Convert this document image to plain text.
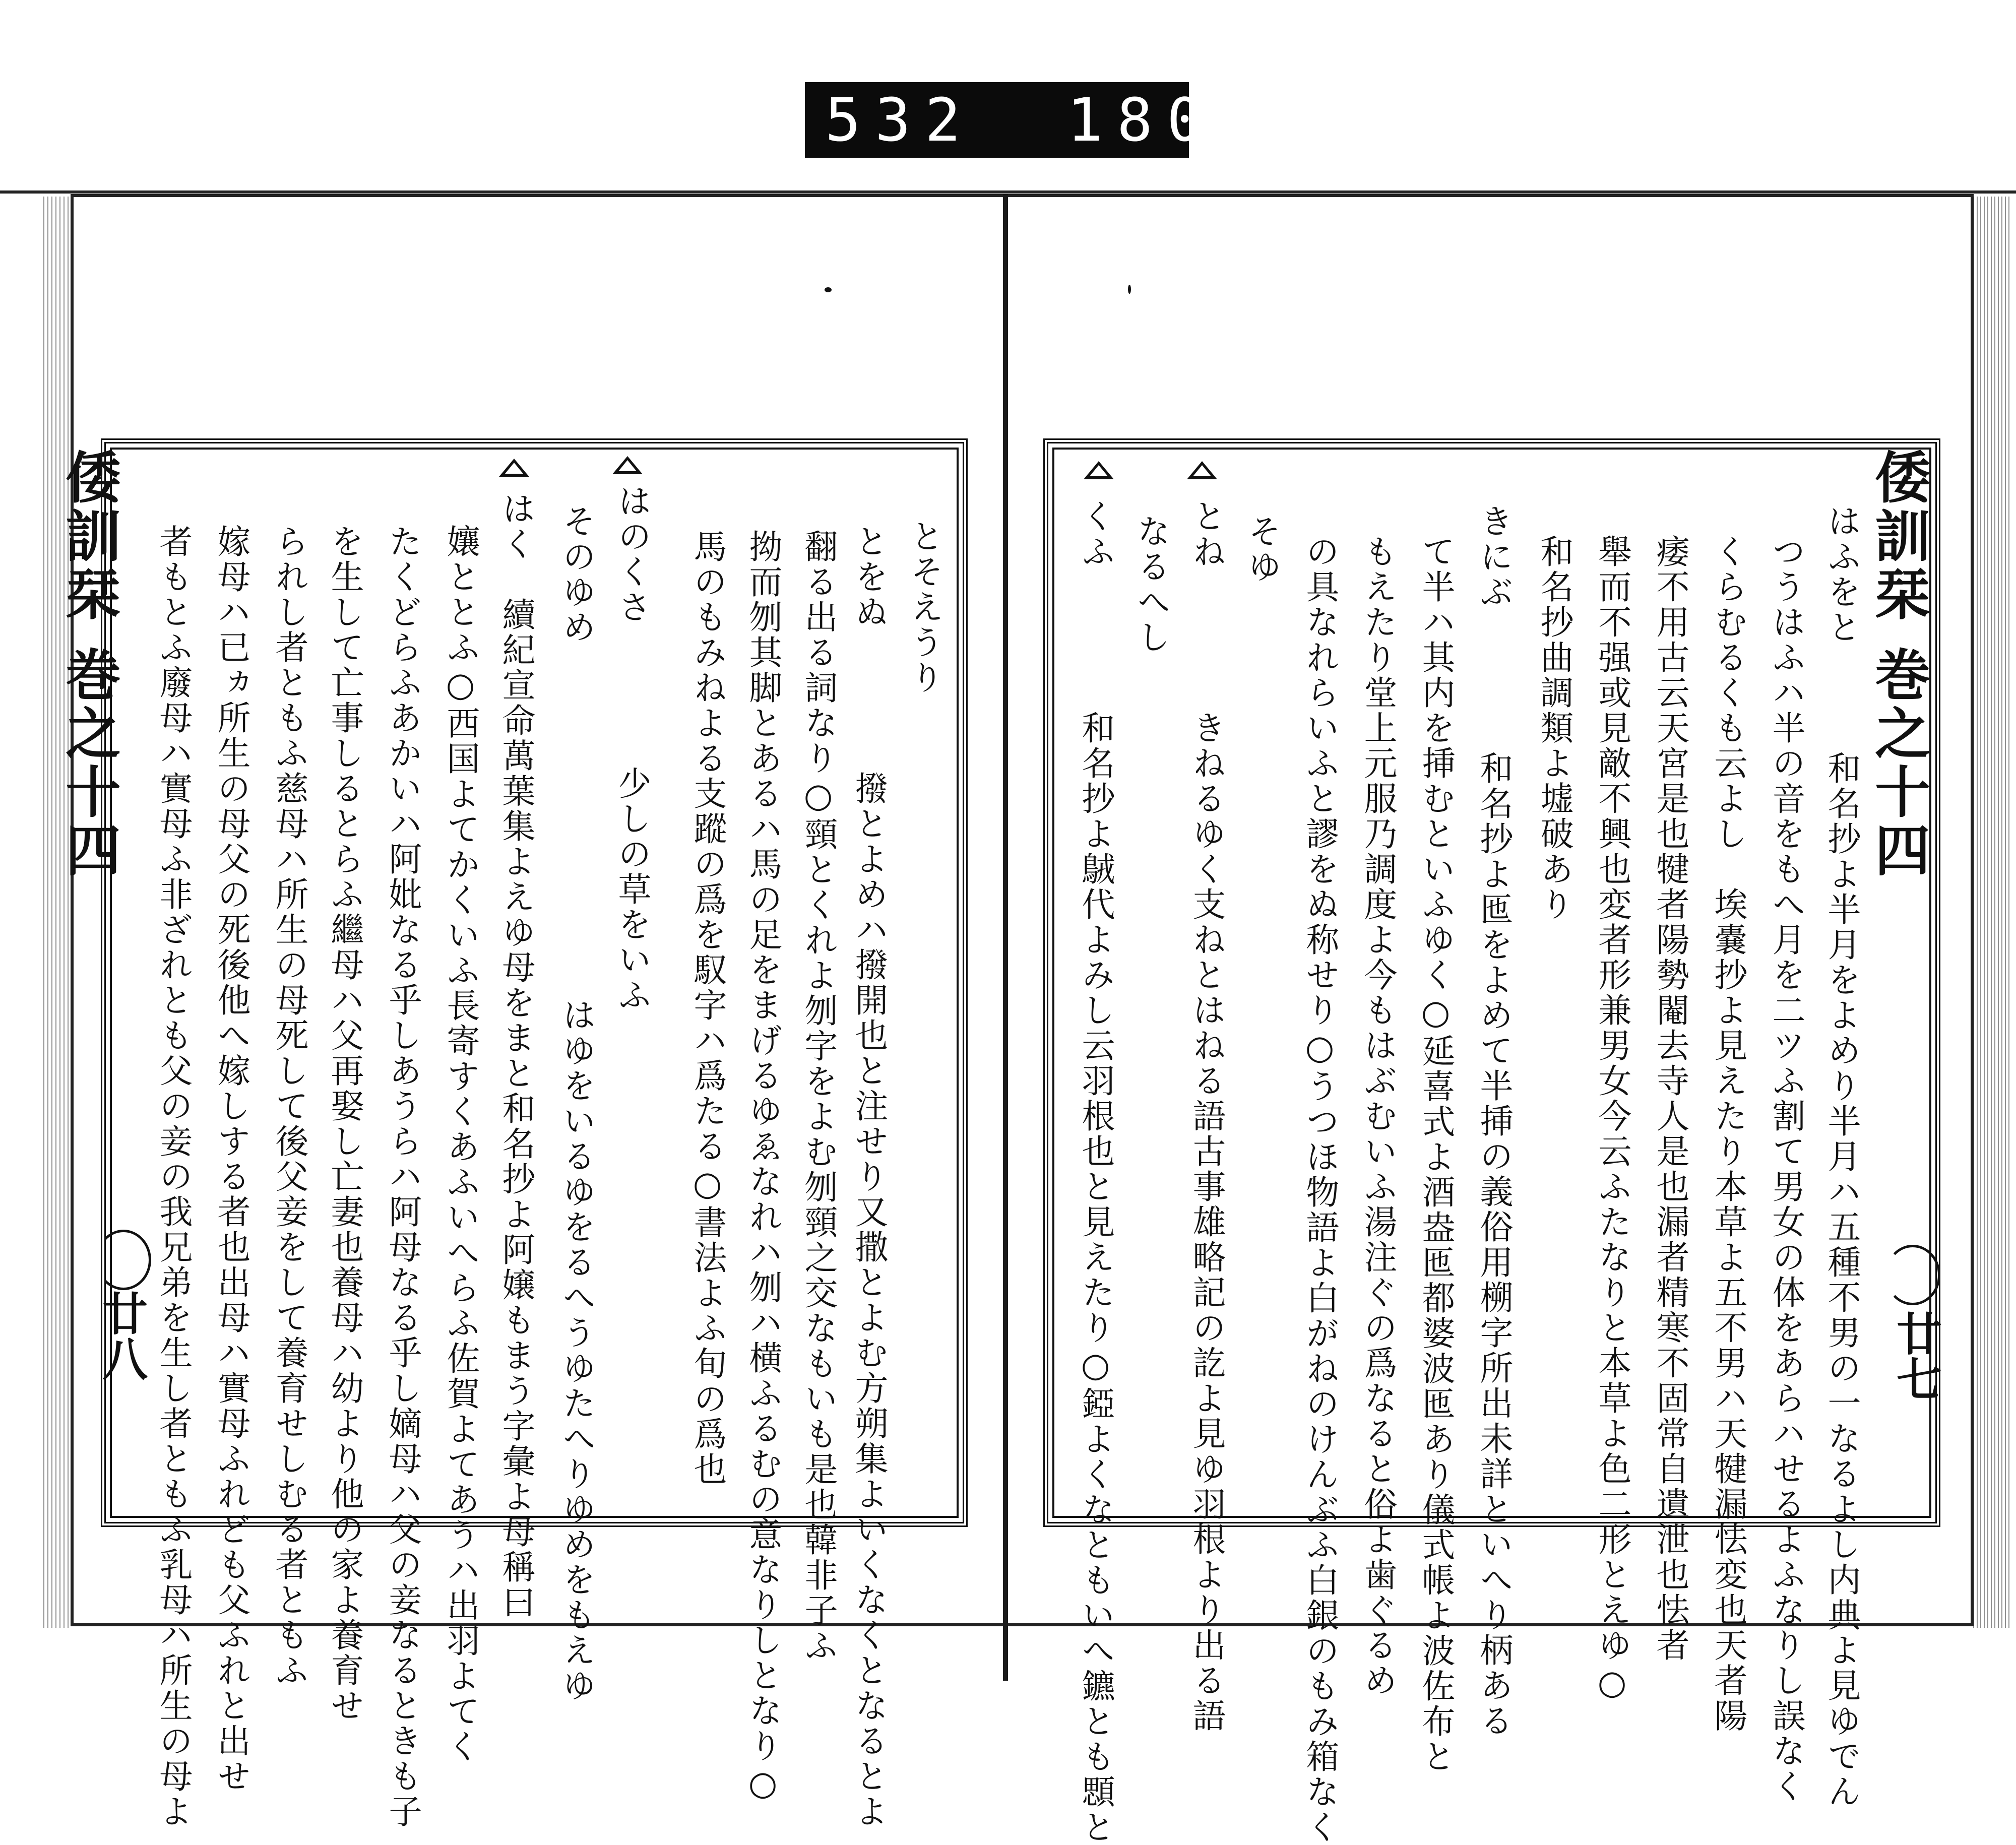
532 180.
倭訓栞 巻之十四	倭訓栞 巻之十四
廿八	廿七
とそえうり
とをぬ　　　　撥とよめハ撥開也と注せり又撒とよむ方朔集よいくなくとなるとよ
翻る出る詞なり○頸とくれよ刎字をよむ刎頸之交なもいも是也韓非子ふ
拗而刎其脚とあるハ馬の足をまげるゆゑなれハ刎ハ横ふるむの意なりしとなり○
馬のもみねよる支蹤の爲を馭字ハ爲たる○書法よふ旬の爲也
はのくさ　　　　少しの草をいふ
そのゆめ　　　　　　　　　　はゆをいるゆをるへうゆたへりゆめをもえゆ
はく　續紀宣命萬葉集よえゆ母をまと和名抄よ阿嬢もまう字彙よ母稱曰
孃ととふ○西国よてかくいふ長寄すくあふいへらふ佐賀よてあうハ出羽よてく
たくどらふあかいハ阿妣なる乎しあうらハ阿母なる乎し嫡母ハ父の妾なるときも子
を生して亡事しるとらふ繼母ハ父再娶し亡妻也養母ハ幼より他の家よ養育せ
られし者ともふ慈母ハ所生の母死して後父妾をして養育せしむる者ともふ
嫁母ハ已ヵ所生の母父の死後他へ嫁しする者也出母ハ實母ふれども父ふれと出せ
者もとふ廢母ハ實母ふ非ざれとも父の妾の我兄弟を生し者ともふ乳母ハ所生の母よ	はふをと　　　和名抄よ半月をよめり半月ハ五種不男の一なるよし内典よ見ゆでん
つうはふハ半の音をもへ月を二ツふ割て男女の体をあらハせるよふなりし誤なく
くらむるくも云よし　埃嚢抄よ見えたり本草よ五不男ハ天犍漏怯変也天者陽
痿不用古云天宮是也犍者陽勢閹去寺人是也漏者精寒不固常自遺泄也怯者
舉而不强或見敵不興也変者形兼男女今云ふたなりと本草よ色二形とえゆ○
和名抄曲調類よ墟破あり
きにぶ　　　　和名抄よ匜をよめて半挿の義俗用㮶字所出未詳といへり柄ある
て半ハ其内を挿むといふゆく○延喜式よ酒盎匜都婆波匜あり儀式帳よ波佐布と
もえたり堂上元服乃調度よ今もはぶむいふ湯注ぐの爲なると俗よ歯ぐるめ
の具なれらいふと謬をぬ称せり○うつほ物語よ白がねのけんぶふ白銀のもみ箱なく
そゆ
とね　　　　きねるゆく支ねとはねる語古事雄略記の訖よ見ゆ羽根より出る語
なるへし
くふ　　　　和名抄よ𪀚代よみし云羽根也と見えたり○錏よくなともいへ鑣とも顋と
